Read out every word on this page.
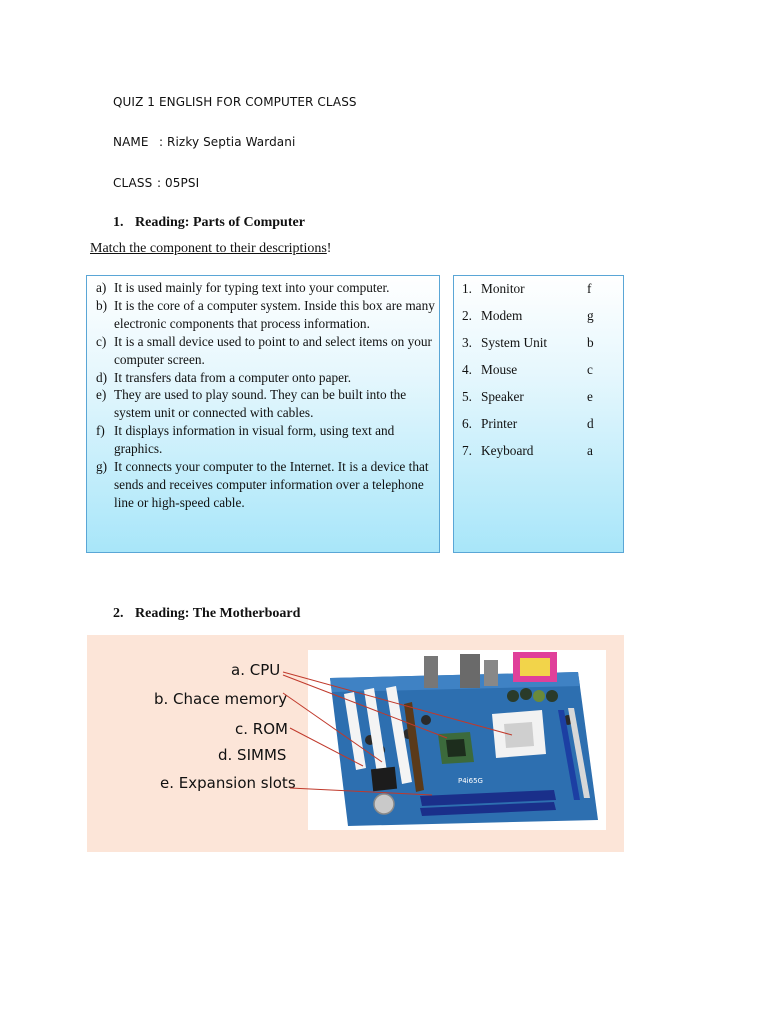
QUIZ 1 ENGLISH FOR COMPUTER CLASS
NAME : Rizky Septia Wardani
CLASS : 05PSI
1. Reading: Parts of Computer
Match the component to their descriptions!
a) It is used mainly for typing text into your computer.
b) It is the core of a computer system. Inside this box are many electronic components that process information.
c) It is a small device used to point to and select items on your computer screen.
d) It transfers data from a computer onto paper.
e) They are used to play sound. They can be built into the system unit or connected with cables.
f) It displays information in visual form, using text and graphics.
g) It connects your computer to the Internet. It is a device that sends and receives computer information over a telephone line or high-speed cable.
1. Monitor	f
2. Modem	g
3. System Unit	b
4. Mouse	c
5. Speaker	e
6. Printer	d
7. Keyboard	a
2. Reading: The Motherboard
a. CPU
b. Chace memory
c. ROM
d. SIMMS
e. Expansion slots	P4i65G
